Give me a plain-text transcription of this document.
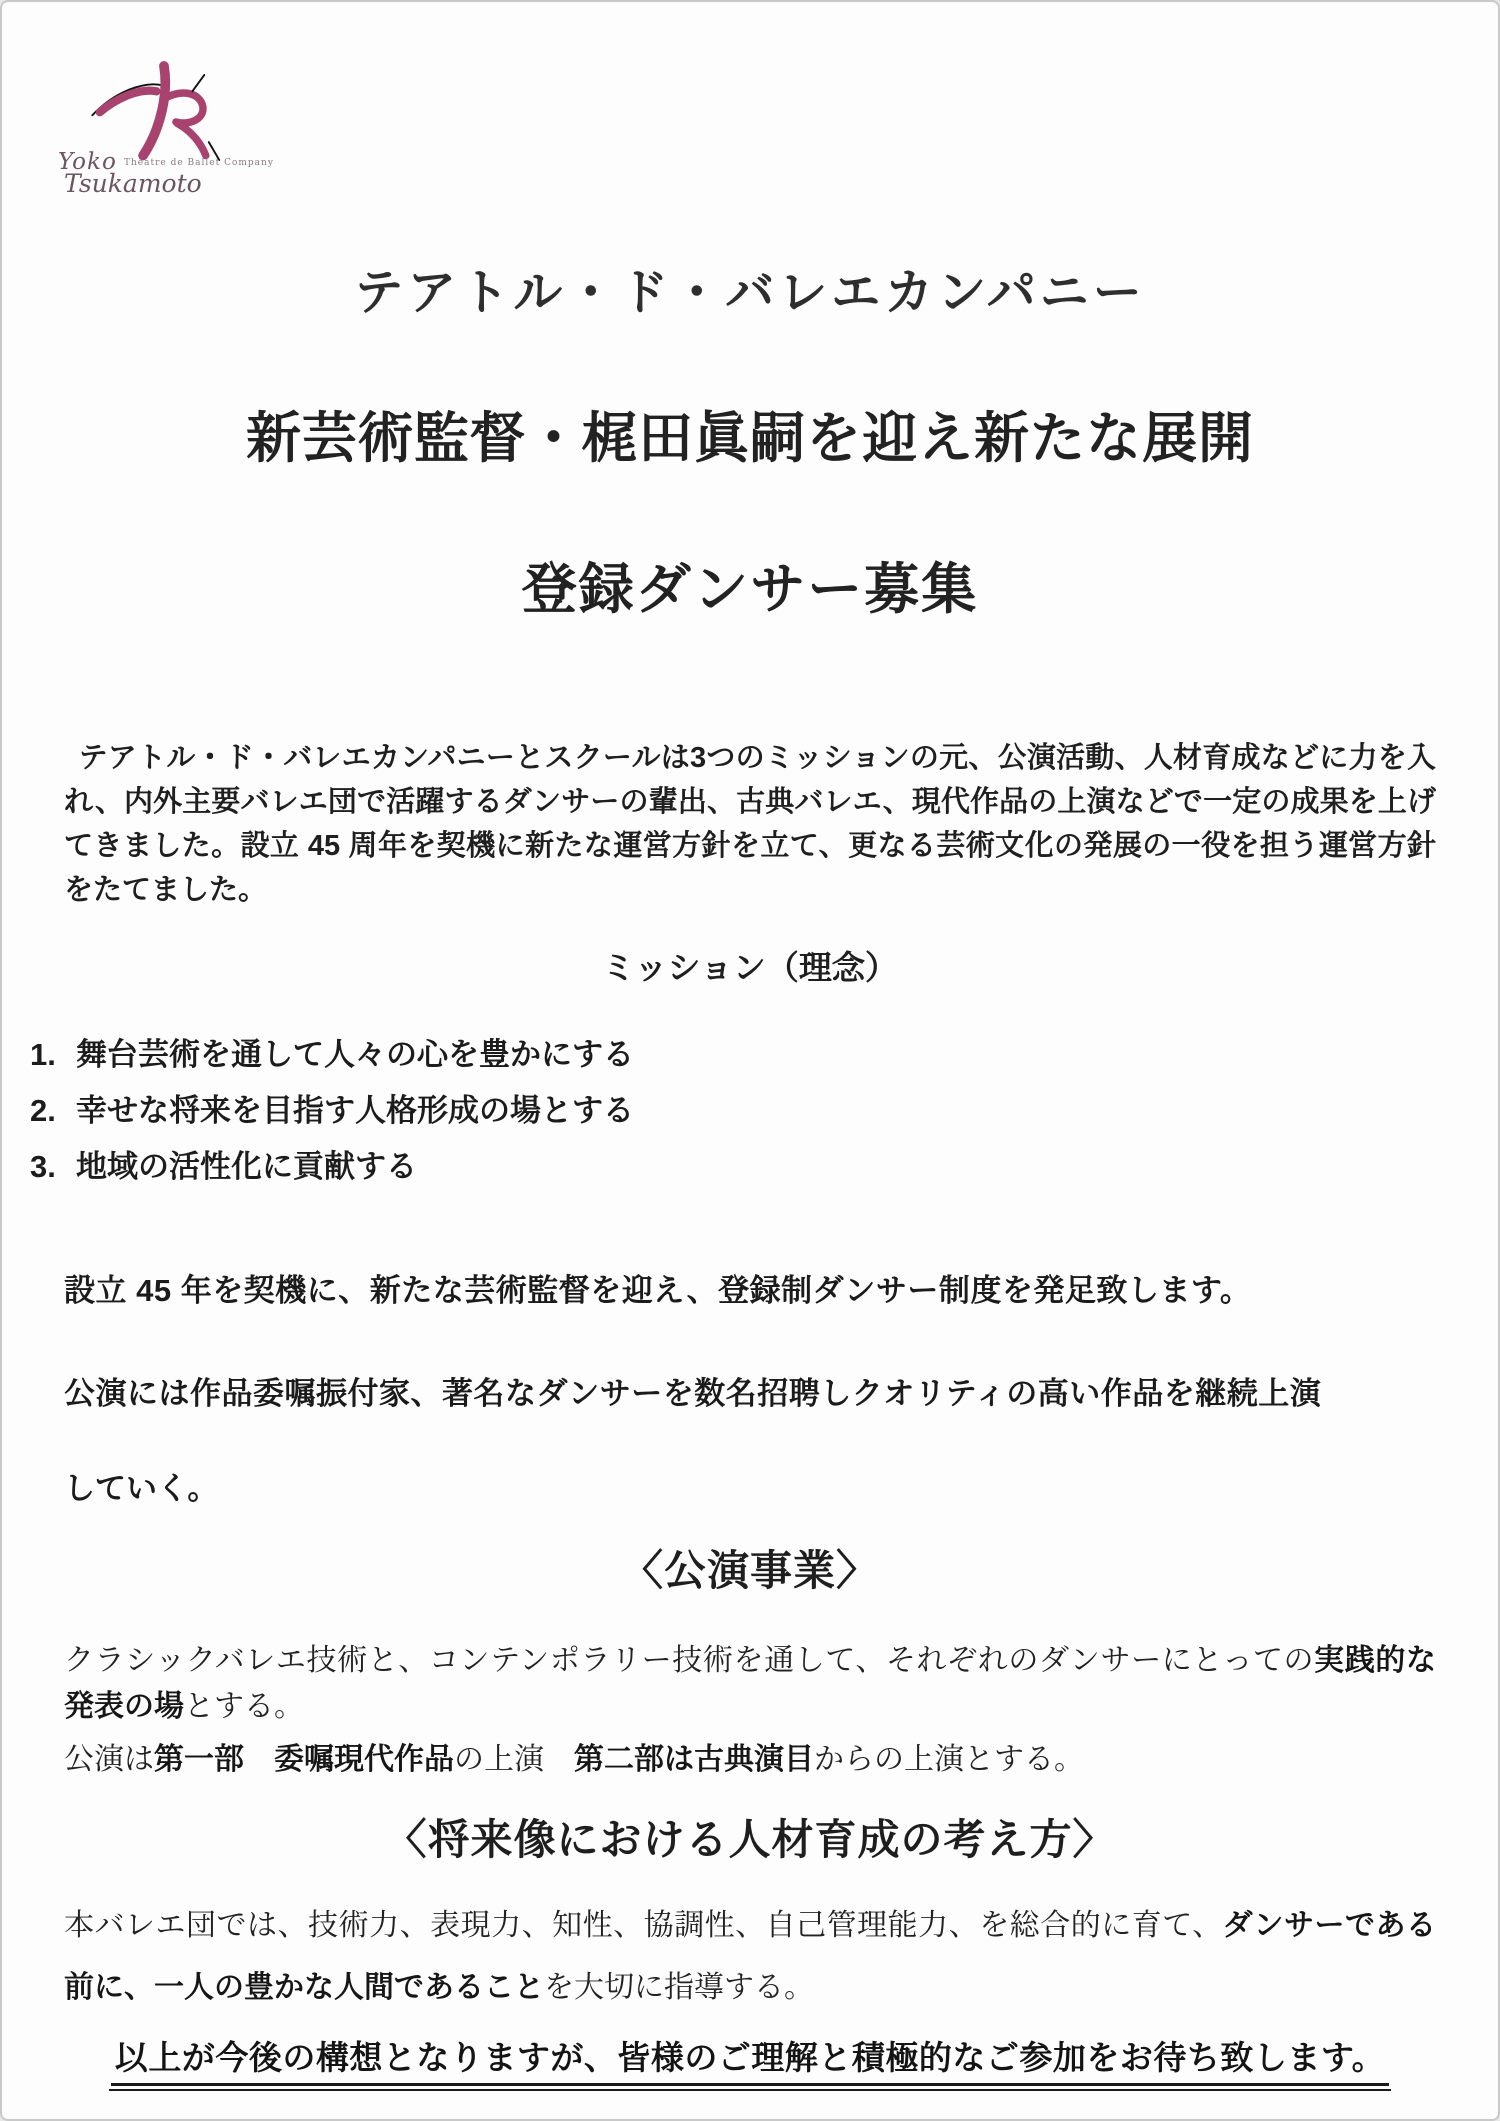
Yoko
Tsukamoto
Theatre de Ballet Company
テアトル・ド・バレエカンパニー
新芸術監督・梶田眞嗣を迎え新たな展開
登録ダンサー募集

テアトル・ド・バレエカンパニーとスクールは3つのミッションの元、公演活動、人材育成などに力を入れ、内外主要バレエ団で活躍するダンサーの輩出、古典バレエ、現代作品の上演などで一定の成果を上げてきました。設立 45 周年を契機に新たな運営方針を立て、更なる芸術文化の発展の一役を担う運営方針をたてました。

ミッション（理念）
1. 舞台芸術を通して人々の心を豊かにする
2. 幸せな将来を目指す人格形成の場とする
3. 地域の活性化に貢献する

設立 45 年を契機に、新たな芸術監督を迎え、登録制ダンサー制度を発足致します。

公演には作品委嘱振付家、著名なダンサーを数名招聘しクオリティの高い作品を継続上演

していく。

〈公演事業〉

クラシックバレエ技術と、コンテンポラリー技術を通して、それぞれのダンサーにとっての実践的な発表の場とする。

公演は第一部　 委嘱現代作品の上演　第二部は古典演目からの上演とする。

〈将来像における人材育成の考え方〉

本バレエ団では、技術力、表現力、知性、協調性、自己管理能力、を総合的に育て、ダンサーである前に、一人の豊かな人間であることを大切に指導する。

以上が今後の構想となりますが、皆様のご理解と積極的なご参加をお待ち致します。
